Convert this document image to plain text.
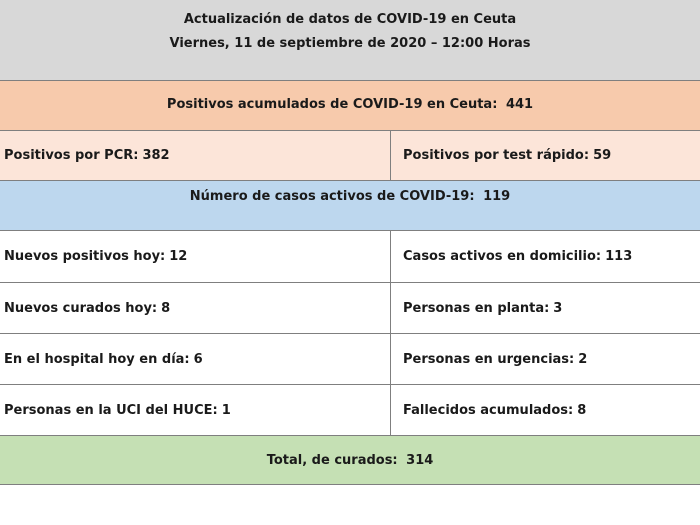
Actualización de datos de COVID-19 en Ceuta
Viernes, 11 de septiembre de 2020 – 12:00 Horas
Positivos acumulados de COVID-19 en Ceuta: 441
Positivos por PCR: 382	Positivos por test rápido: 59
Número de casos activos de COVID-19: 119
Nuevos positivos hoy: 12	Casos activos en domicilio: 113
Nuevos curados hoy: 8	Personas en planta: 3
En el hospital hoy en día: 6	Personas en urgencias: 2
Personas en la UCI del HUCE: 1	Fallecidos acumulados: 8
Total, de curados: 314
